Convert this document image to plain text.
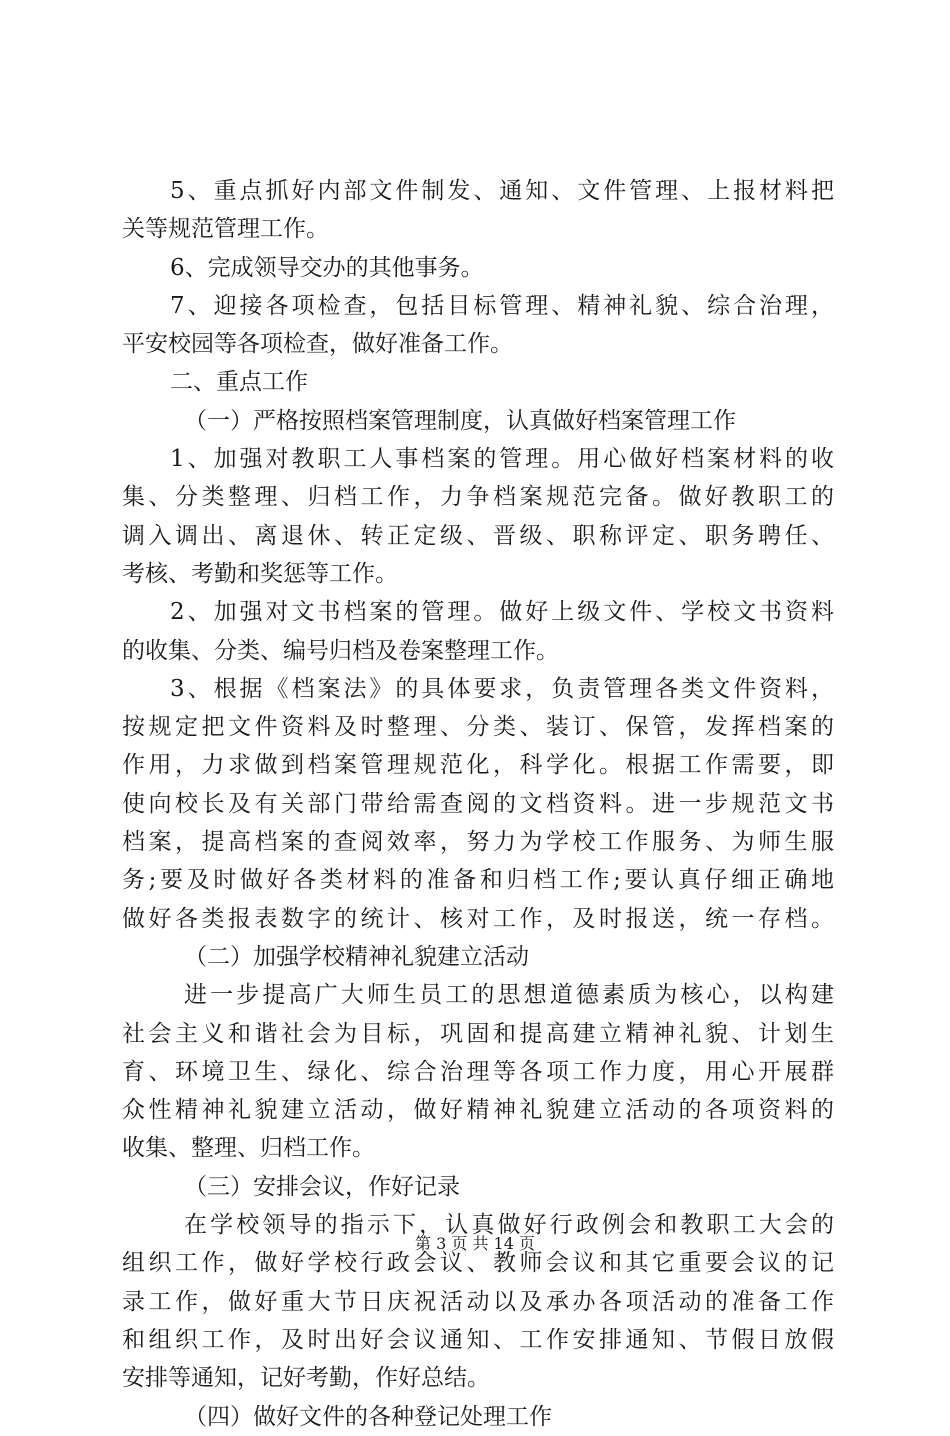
5、重点抓好内部文件制发、通知、文件管理、上报材料把
关等规范管理工作。
6、完成领导交办的其他事务。
7、迎接各项检查，包括目标管理、精神礼貌、综合治理，
平安校园等各项检查，做好准备工作。
二、重点工作
（一）严格按照档案管理制度，认真做好档案管理工作
1、加强对教职工人事档案的管理。用心做好档案材料的收
集、分类整理、归档工作，力争档案规范完备。做好教职工的
调入调出、离退休、转正定级、晋级、职称评定、职务聘任、
考核、考勤和奖惩等工作。
2、加强对文书档案的管理。做好上级文件、学校文书资料
的收集、分类、编号归档及卷案整理工作。
3、根据《档案法》的具体要求，负责管理各类文件资料，
按规定把文件资料及时整理、分类、装订、保管，发挥档案的
作用，力求做到档案管理规范化，科学化。根据工作需要，即
使向校长及有关部门带给需查阅的文档资料。进一步规范文书
档案，提高档案的查阅效率，努力为学校工作服务、为师生服
务;要及时做好各类材料的准备和归档工作;要认真仔细正确地
做好各类报表数字的统计、核对工作，及时报送，统一存档。
（二）加强学校精神礼貌建立活动
进一步提高广大师生员工的思想道德素质为核心，以构建
社会主义和谐社会为目标，巩固和提高建立精神礼貌、计划生
育、环境卫生、绿化、综合治理等各项工作力度，用心开展群
众性精神礼貌建立活动，做好精神礼貌建立活动的各项资料的
收集、整理、归档工作。
（三）安排会议，作好记录
在学校领导的指示下，认真做好行政例会和教职工大会的
组织工作，做好学校行政会议、教师会议和其它重要会议的记
录工作，做好重大节日庆祝活动以及承办各项活动的准备工作
和组织工作，及时出好会议通知、工作安排通知、节假日放假
安排等通知，记好考勤，作好总结。
（四）做好文件的各种登记处理工作
第 3 页 共 14 页
